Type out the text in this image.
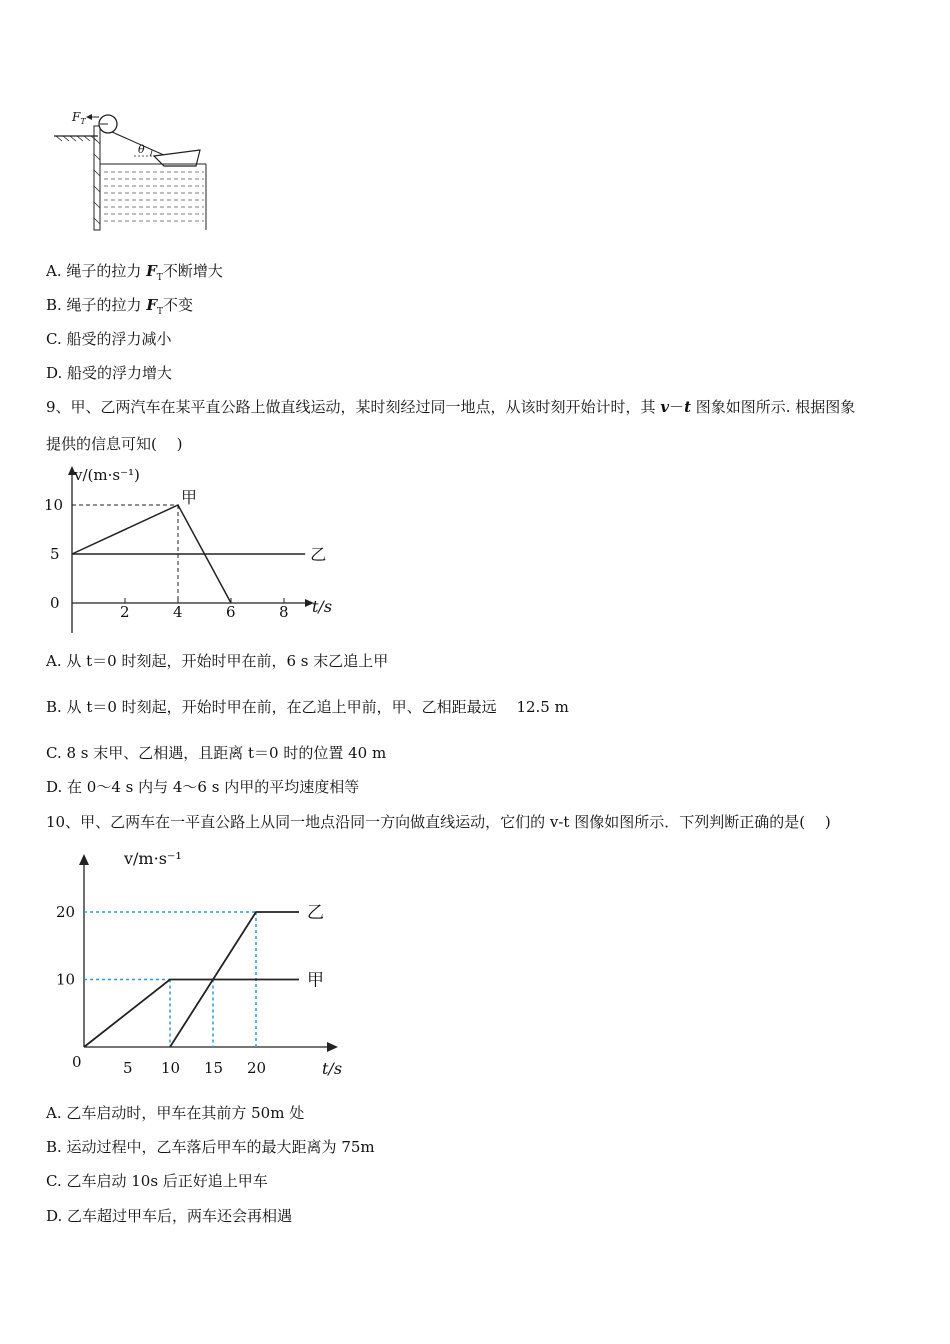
$F_T$
θ
A. 绳子的拉力 $F_T$不断增大
B. 绳子的拉力 $F_T$不变
C. 船受的浮力减小
D. 船受的浮力增大
9、甲、乙两汽车在某平直公路上做直线运动，某时刻经过同一地点，从该时刻开始计时，其 v－t 图象如图所示. 根据图象
提供的信息可知(　 )
v/(m·s⁻¹)
t/s
2	4	6	8
0
5
10	甲
乙
A. 从 t＝0 时刻起，开始时甲在前，6 s 末乙追上甲
B. 从 t＝0 时刻起，开始时甲在前，在乙追上甲前，甲、乙相距最远　 12.5 m
C. 8 s 末甲、乙相遇，且距离 t＝0 时的位置 40 m
D. 在 0～4 s 内与 4～6 s 内甲的平均速度相等
10、甲、乙两车在一平直公路上从同一地点沿同一方向做直线运动，它们的 v-t 图像如图所示．下列判断正确的是(　 )
v/m·s⁻¹
t/s
5 10 15 20
0
10
20	乙
甲
A. 乙车启动时，甲车在其前方 50m 处
B. 运动过程中，乙车落后甲车的最大距离为 75m
C. 乙车启动 10s 后正好追上甲车
D. 乙车超过甲车后，两车还会再相遇
